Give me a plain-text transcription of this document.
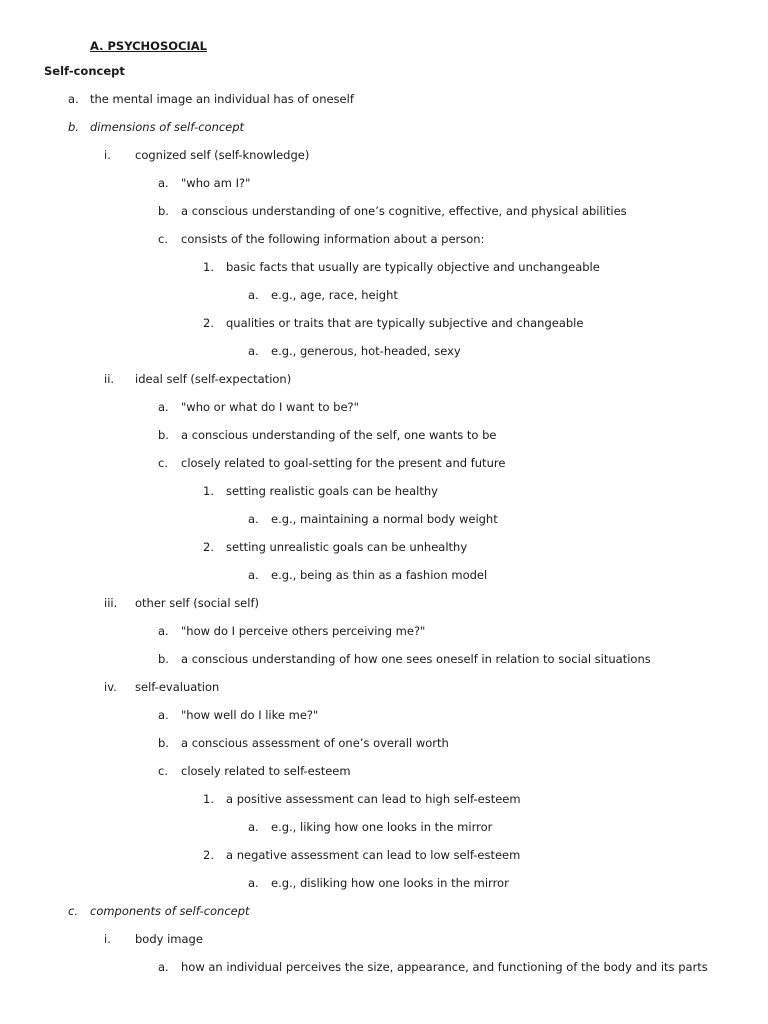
A. PSYCHOSOCIAL
Self-concept
a. the mental image an individual has of oneself
b. dimensions of self-concept
i. cognized self (self-knowledge)
a. "who am I?"
b. a conscious understanding of one’s cognitive, effective, and physical abilities
c. consists of the following information about a person:
1. basic facts that usually are typically objective and unchangeable
a. e.g., age, race, height
2. qualities or traits that are typically subjective and changeable
a. e.g., generous, hot-headed, sexy
ii. ideal self (self-expectation)
a. "who or what do I want to be?"
b. a conscious understanding of the self, one wants to be
c. closely related to goal-setting for the present and future
1. setting realistic goals can be healthy
a. e.g., maintaining a normal body weight
2. setting unrealistic goals can be unhealthy
a. e.g., being as thin as a fashion model
iii. other self (social self)
a. "how do I perceive others perceiving me?"
b. a conscious understanding of how one sees oneself in relation to social situations
iv. self-evaluation
a. "how well do I like me?"
b. a conscious assessment of one’s overall worth
c. closely related to self-esteem
1. a positive assessment can lead to high self-esteem
a. e.g., liking how one looks in the mirror
2. a negative assessment can lead to low self-esteem
a. e.g., disliking how one looks in the mirror
c. components of self-concept
i. body image
a. how an individual perceives the size, appearance, and functioning of the body and its parts
